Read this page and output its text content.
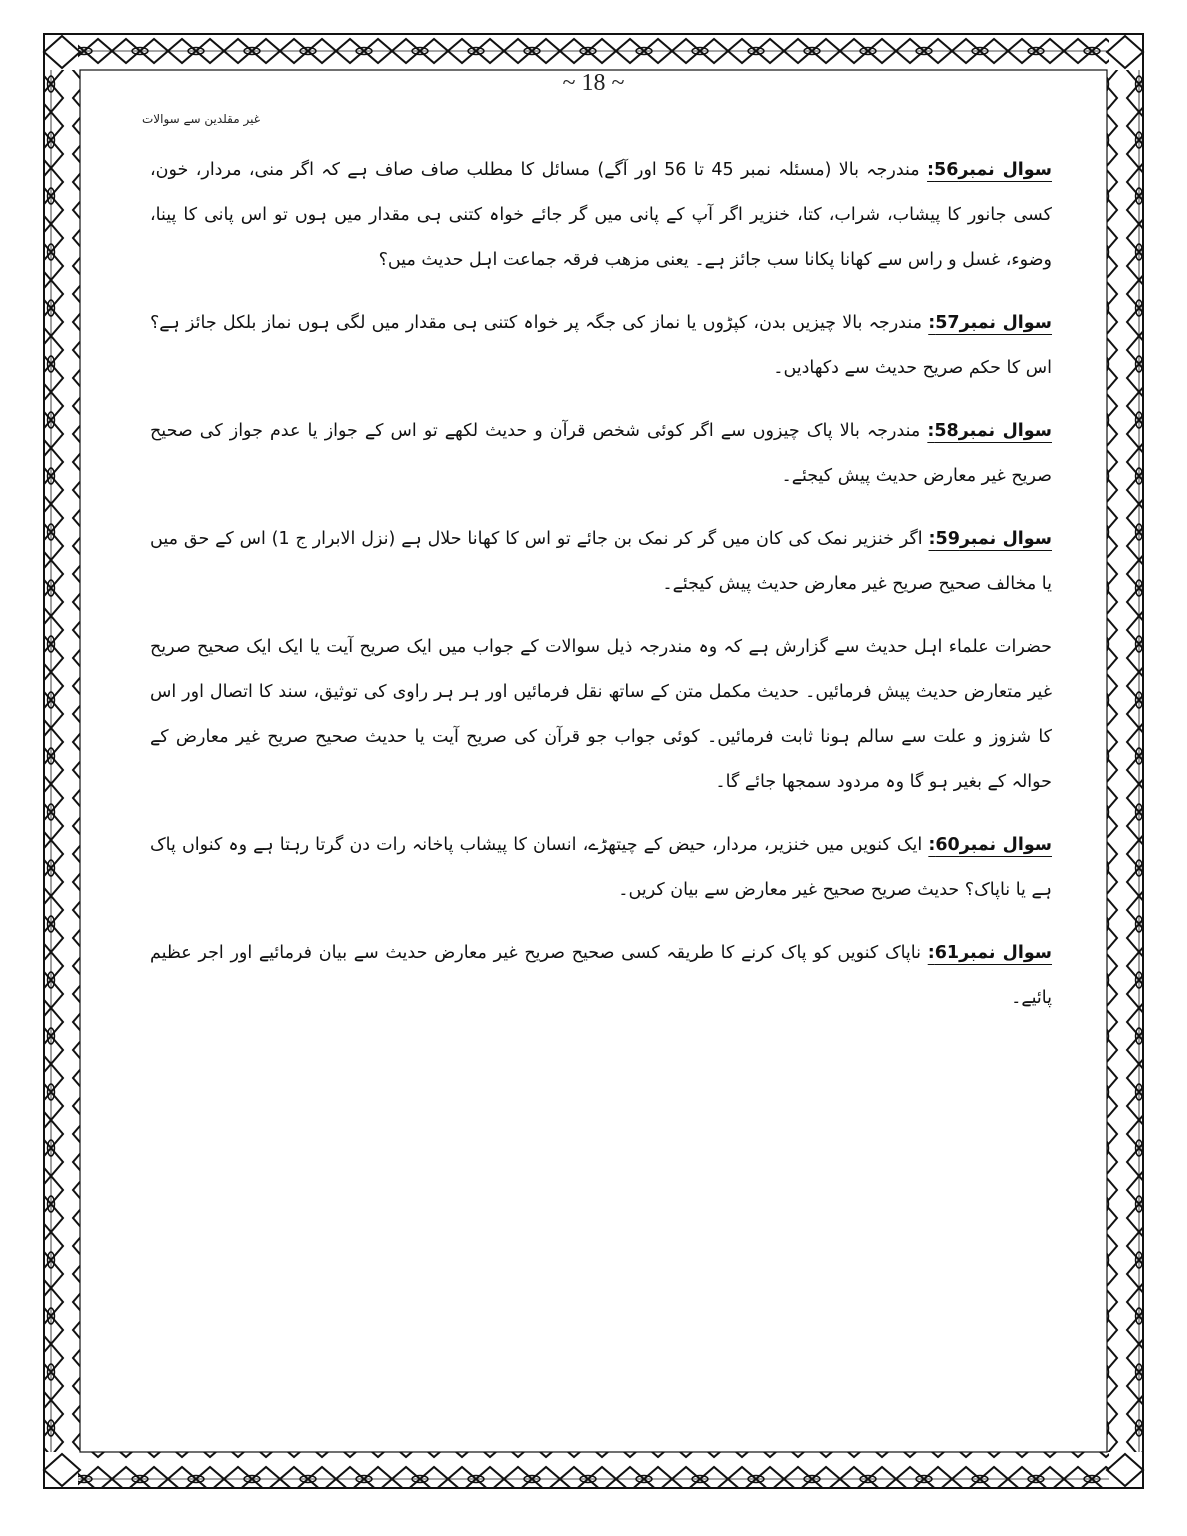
~ 18 ~
غیر مقلدین سے سوالات

سوال نمبر56: مندرجہ بالا (مسئلہ نمبر 45 تا 56 اور آگے) مسائل کا مطلب صاف صاف ہے کہ اگر منی، مردار، خون، کسی جانور کا پیشاب، شراب، کتا، خنزیر اگر آپ کے پانی میں گر جائے خواہ کتنی ہی مقدار میں ہوں تو اس پانی کا پینا، وضوء، غسل و راس سے کھانا پکانا سب جائز ہے۔ یعنی مزھب فرقہ جماعت اہل حدیث میں؟

سوال نمبر57: مندرجہ بالا چیزیں بدن، کپڑوں یا نماز کی جگہ پر خواہ کتنی ہی مقدار میں لگی ہوں نماز بلکل جائز ہے؟ اس کا حکم صریح حدیث سے دکھادیں۔

سوال نمبر58: مندرجہ بالا پاک چیزوں سے اگر کوئی شخص قرآن و حدیث لکھے تو اس کے جواز یا عدم جواز کی صحیح صریح غیر معارض حدیث پیش کیجئے۔

سوال نمبر59: اگر خنزیر نمک کی کان میں گر کر نمک بن جائے تو اس کا کھانا حلال ہے (نزل الابرار ج 1) اس کے حق میں یا مخالف صحیح صریح غیر معارض حدیث پیش کیجئے۔

حضرات علماء اہل حدیث سے گزارش ہے کہ وہ مندرجہ ذیل سوالات کے جواب میں ایک صریح آیت یا ایک ایک صحیح صریح غیر متعارض حدیث پیش فرمائیں۔ حدیث مکمل متن کے ساتھ نقل فرمائیں اور ہر ہر راوی کی توثیق، سند کا اتصال اور اس کا شزوز و علت سے سالم ہونا ثابت فرمائیں۔ کوئی جواب جو قرآن کی صریح آیت یا حدیث صحیح صریح غیر معارض کے حوالہ کے بغیر ہو گا وہ مردود سمجھا جائے گا۔

سوال نمبر60: ایک کنویں میں خنزیر، مردار، حیض کے چیتھڑے، انسان کا پیشاب پاخانہ رات دن گرتا رہتا ہے وہ کنواں پاک ہے یا ناپاک؟ حدیث صریح صحیح غیر معارض سے بیان کریں۔

سوال نمبر61: ناپاک کنویں کو پاک کرنے کا طریقہ کسی صحیح صریح غیر معارض حدیث سے بیان فرمائیے اور اجر عظیم پائیے۔
